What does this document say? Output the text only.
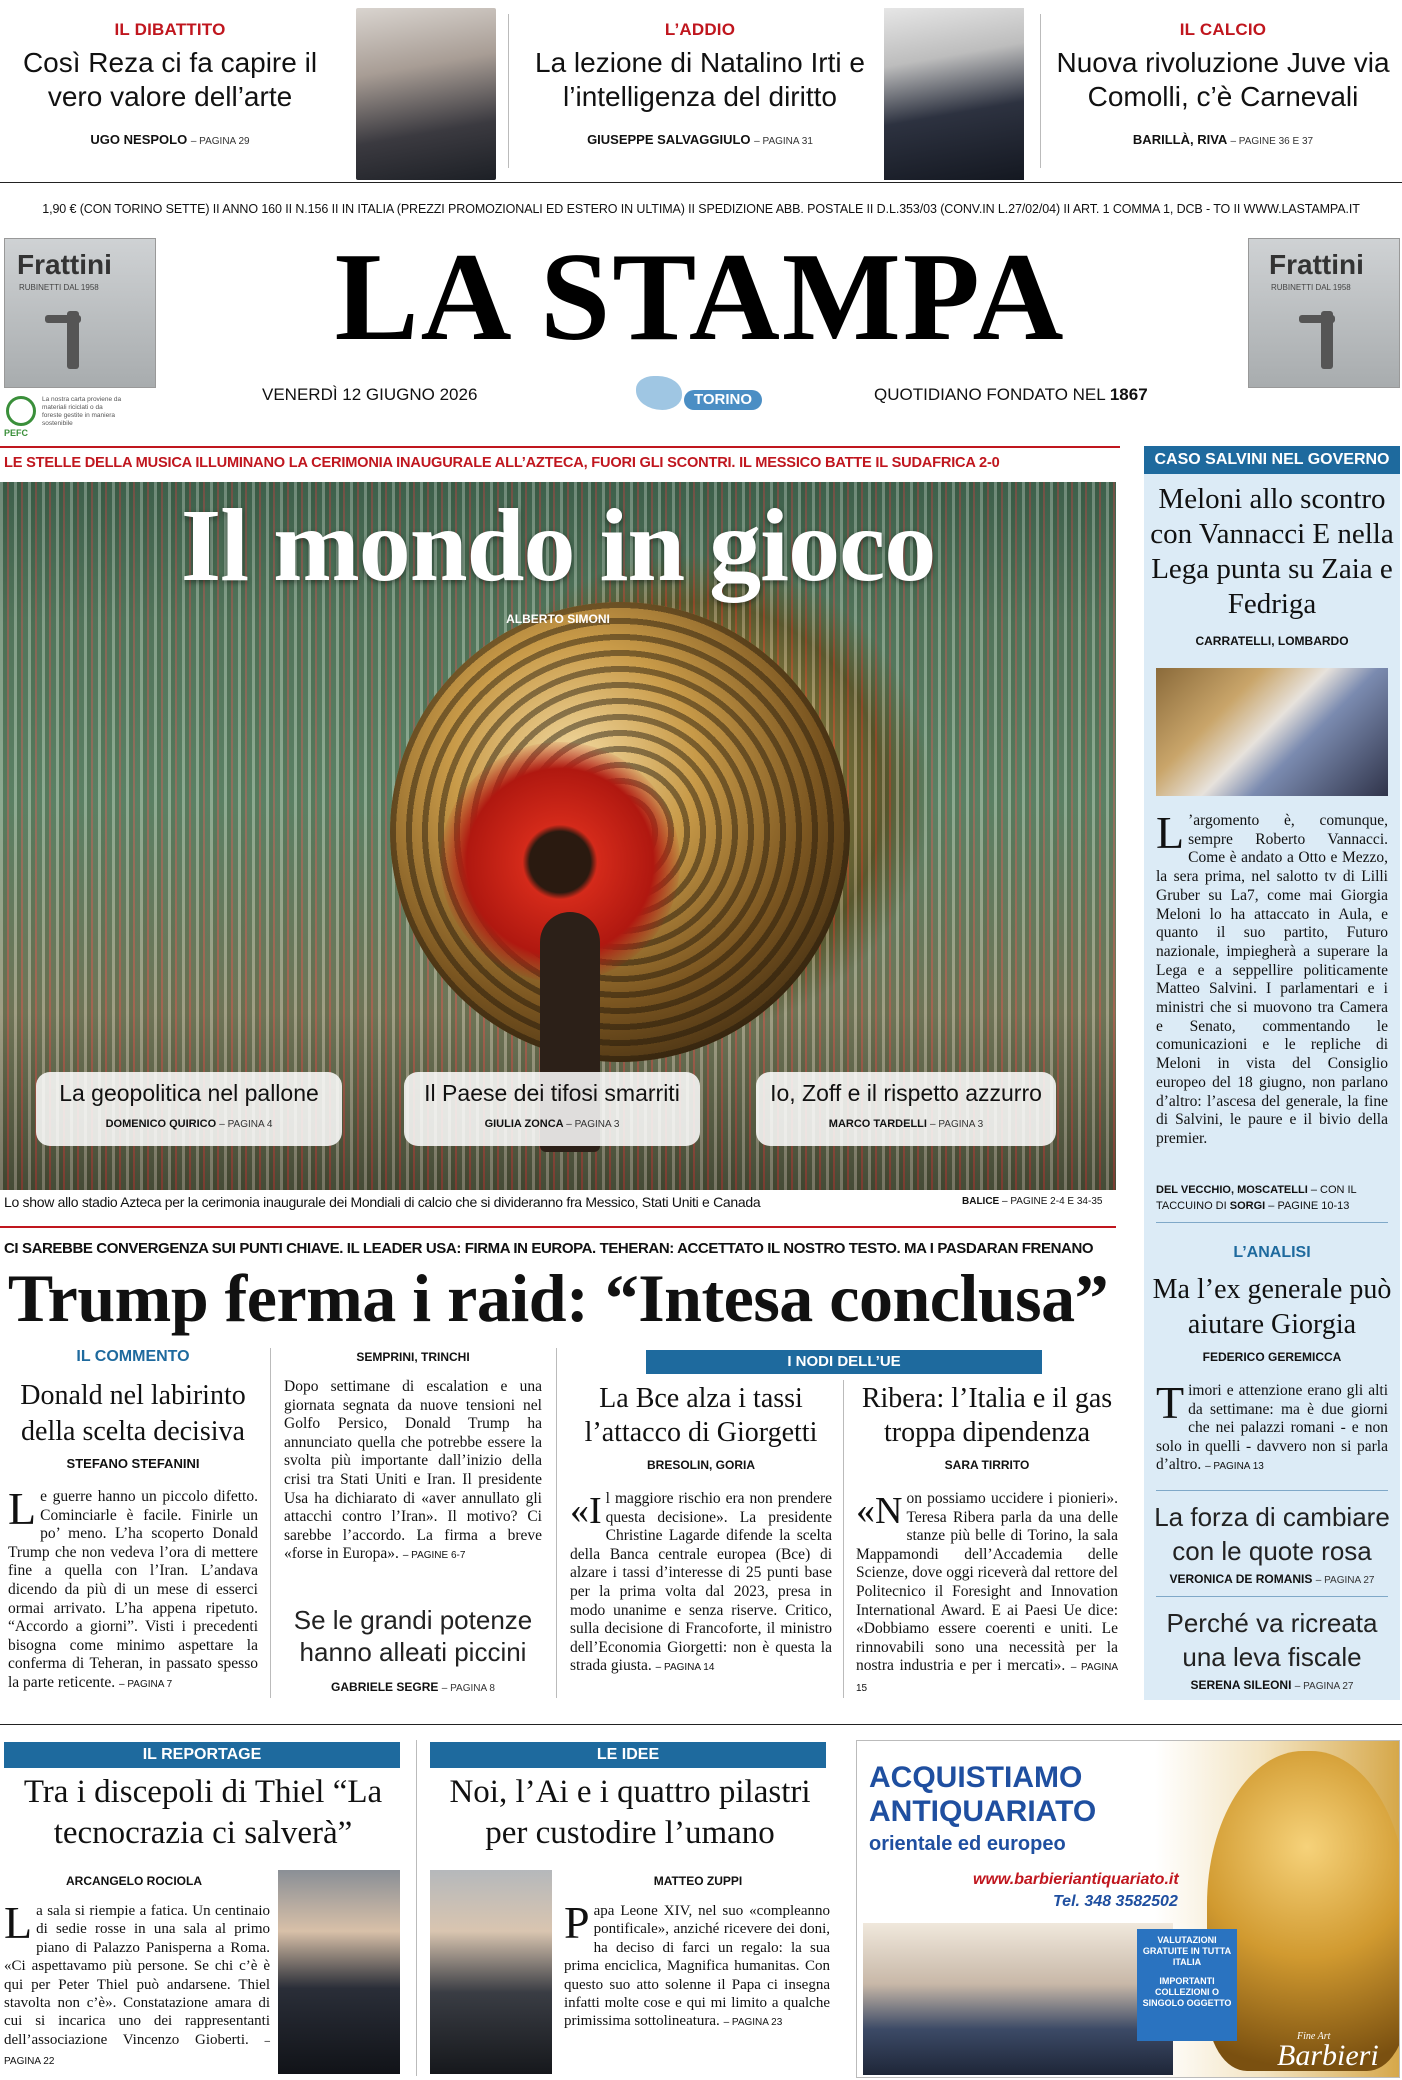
IL DIBATTITO
Così Reza ci fa capire il vero valore dell’arte
UGO NESPOLO – PAGINA 29
L’ADDIO
La lezione di Natalino Irti e l’intelligenza del diritto
GIUSEPPE SALVAGGIULO – PAGINA 31
IL CALCIO
Nuova rivoluzione Juve via Comolli, c’è Carnevali
BARILLÀ, RIVA – PAGINE 36 E 37
1,90 € (CON TORINO SETTE) II ANNO 160 II N.156 II IN ITALIA (PREZZI PROMOZIONALI ED ESTERO IN ULTIMA) II SPEDIZIONE ABB. POSTALE II D.L.353/03 (CONV.IN L.27/02/04) II ART. 1 COMMA 1, DCB - TO II WWW.LASTAMPA.IT
Frattini
RUBINETTI DAL 1958
Frattini
RUBINETTI DAL 1958
LA STAMPA
VENERDÌ 12 GIUGNO 2026	TORINO	QUOTIDIANO FONDATO NEL 1867
PEFC
La nostra carta proviene da materiali riciclati o da foreste gestite in maniera sostenibile
LE STELLE DELLA MUSICA ILLUMINANO LA CERIMONIA INAUGURALE ALL’AZTECA, FUORI GLI SCONTRI. IL MESSICO BATTE IL SUDAFRICA 2-0
Il mondo in gioco
ALBERTO SIMONI
La geopolitica nel pallone
DOMENICO QUIRICO – PAGINA 4
Il Paese dei tifosi smarriti
GIULIA ZONCA – PAGINA 3
Io, Zoff e il rispetto azzurro
MARCO TARDELLI – PAGINA 3
Lo show allo stadio Azteca per la cerimonia inaugurale dei Mondiali di calcio che si divideranno fra Messico, Stati Uniti e Canada	BALICE – PAGINE 2-4 E 34-35
CI SAREBBE CONVERGENZA SUI PUNTI CHIAVE. IL LEADER USA: FIRMA IN EUROPA. TEHERAN: ACCETTATO IL NOSTRO TESTO. MA I PASDARAN FRENANO
Trump ferma i raid: “Intesa conclusa”
IL COMMENTO
Donald nel labirinto della scelta decisiva
STEFANO STEFANINI
Le guerre hanno un piccolo difetto. Cominciarle è facile. Finirle un po’ meno. L’ha scoperto Donald Trump che non vedeva l’ora di mettere fine a quella con l’Iran. L’andava dicendo da più di un mese di esserci ormai arrivato. L’ha appena ripetuto. “Accordo a giorni”. Visti i precedenti bisogna come minimo aspettare la conferma di Teheran, in passato spesso la parte reticente. – PAGINA 7
SEMPRINI, TRINCHI
Dopo settimane di escalation e una giornata segnata da nuove tensioni nel Golfo Persico, Donald Trump ha annunciato quella che potrebbe essere la svolta più importante dall’inizio della crisi tra Stati Uniti e Iran. Il presidente Usa ha dichiarato di «aver annullato gli attacchi contro l’Iran». Il motivo? Ci sarebbe l’accordo. La firma a breve «forse in Europa». – PAGINE 6-7
Se le grandi potenze hanno alleati piccini
GABRIELE SEGRE – PAGINA 8
I NODI DELL’UE
La Bce alza i tassi l’attacco di Giorgetti
BRESOLIN, GORIA
«Il maggiore rischio era non prendere questa decisione». La presidente Christine Lagarde difende la scelta della Banca centrale europea (Bce) di alzare i tassi d’interesse di 25 punti base per la prima volta dal 2023, presa in modo unanime e senza riserve. Critico, sulla decisione di Francoforte, il ministro dell’Economia Giorgetti: non è questa la strada giusta. – PAGINA 14
Ribera: l’Italia e il gas troppa dipendenza
SARA TIRRITO
«Non possiamo uccidere i pionieri». Teresa Ribera parla da una delle stanze più belle di Torino, la sala Mappamondi dell’Accademia delle Scienze, dove oggi riceverà dal rettore del Politecnico il Foresight and Innovation International Award. E ai Paesi Ue dice: «Dobbiamo essere coerenti e uniti. Le rinnovabili sono una necessità per la nostra industria e per i mercati». – PAGINA 15
CASO SALVINI NEL GOVERNO
Meloni allo scontro con Vannacci E nella Lega punta su Zaia e Fedriga
CARRATELLI, LOMBARDO
L ’argomento è, comunque, sempre Roberto Vannacci. Come è andato a Otto e Mezzo, la sera prima, nel salotto tv di Lilli Gruber su La7, come mai Giorgia Meloni lo ha attaccato in Aula, e quanto il suo partito, Futuro nazionale, impiegherà a superare la Lega e a seppellire politicamente Matteo Salvini. I parlamentari e i ministri che si muovono tra Camera e Senato, commentando le comunicazioni e le repliche di Meloni in vista del Consiglio europeo del 18 giugno, non parlano d’altro: l’ascesa del generale, la fine di Salvini, le paure e il bivio della premier.
DEL VECCHIO, MOSCATELLI – CON IL TACCUINO DI SORGI – PAGINE 10-13
L’ANALISI
Ma l’ex generale può aiutare Giorgia
FEDERICO GEREMICCA
Timori e attenzione erano gli alti da settimane: ma è due giorni che nei palazzi romani - e non solo in quelli - davvero non si parla d’altro. – PAGINA 13
La forza di cambiare con le quote rosa
VERONICA DE ROMANIS – PAGINA 27
Perché va ricreata una leva fiscale
SERENA SILEONI – PAGINA 27
IL REPORTAGE
Tra i discepoli di Thiel “La tecnocrazia ci salverà”
ARCANGELO ROCIOLA
La sala si riempie a fatica. Un centinaio di sedie rosse in una sala al primo piano di Palazzo Panisperna a Roma. «Ci aspettavamo più persone. Se chi c’è è qui per Peter Thiel può andarsene. Thiel stavolta non c’è». Constatazione amara di cui si incarica uno dei rappresentanti dell’associazione Vincenzo Gioberti. – PAGINA 22
LE IDEE
Noi, l’Ai e i quattro pilastri per custodire l’umano
MATTEO ZUPPI
Papa Leone XIV, nel suo «compleanno pontificale», anziché ricevere dei doni, ha deciso di farci un regalo: la sua prima enciclica, Magnifica humanitas. Con questo suo atto solenne il Papa ci insegna infatti molte cose e qui mi limito a qualche primissima sottolineatura. – PAGINA 23
ACQUISTIAMO
ANTIQUARIATO
orientale ed europeo
www.barbieriantiquariato.it
Tel. 348 3582502
VALUTAZIONI GRATUITE IN TUTTA ITALIA
IMPORTANTI COLLEZIONI O SINGOLO OGGETTO
Fine Art
Barbieri
